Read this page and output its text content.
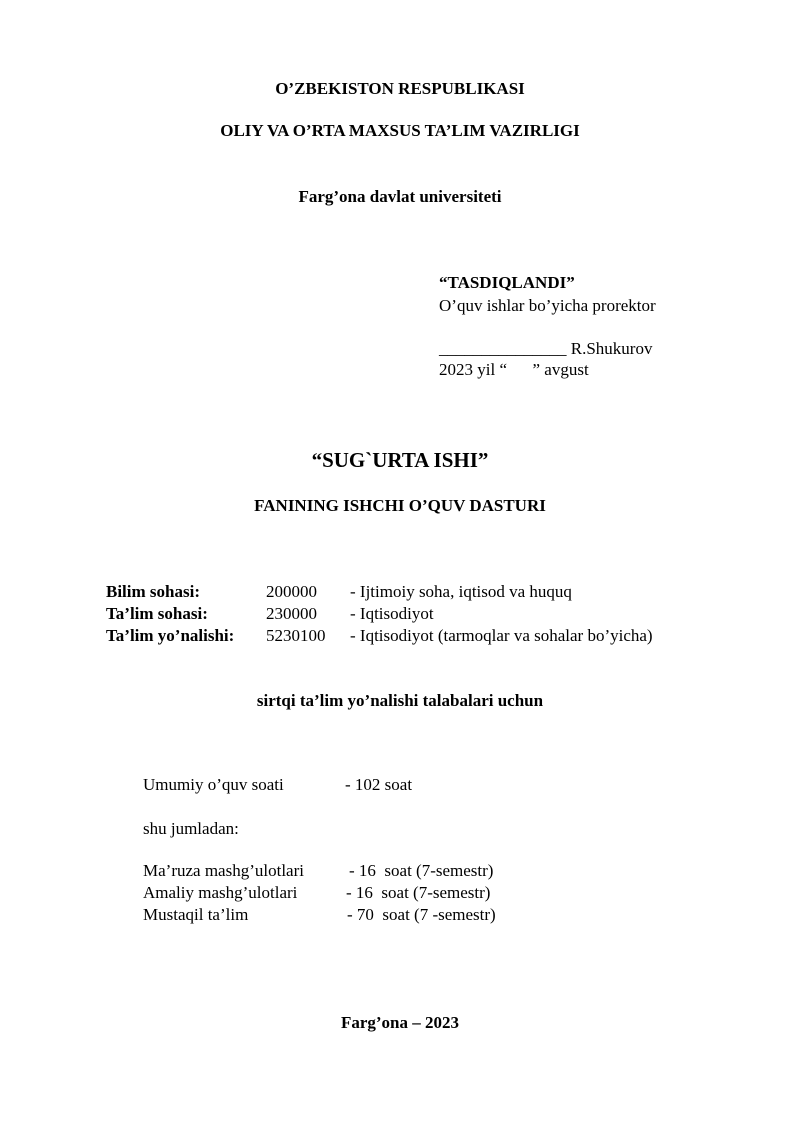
O’ZBEKISTON RESPUBLIKASI
OLIY VA O’RTA MAXSUS TA’LIM VAZIRLIGI
Farg’ona davlat universiteti
“TASDIQLANDI”
O’quv ishlar bo’yicha prorektor
_______________ R.Shukurov
2023 yil “      ” avgust
“SUG`URTA ISHI”
FANINING ISHCHI O’QUV DASTURI
Bilim sohasi:	200000 - Ijtimoiy soha, iqtisod va huquq
Ta’lim sohasi:	230000 - Iqtisodiyot
Ta’lim yo’nalishi: 5230100 - Iqtisodiyot (tarmoqlar va sohalar bo’yicha)
sirtqi ta’lim yo’nalishi talabalari uchun
Umumiy o’quv soati	- 102 soat
shu jumladan:
Ma’ruza mashg’ulotlari	- 16  soat (7-semestr)
Amaliy mashg’ulotlari	- 16  soat (7-semestr)
Mustaqil ta’lim	- 70  soat (7 -semestr)
Farg’ona – 2023
